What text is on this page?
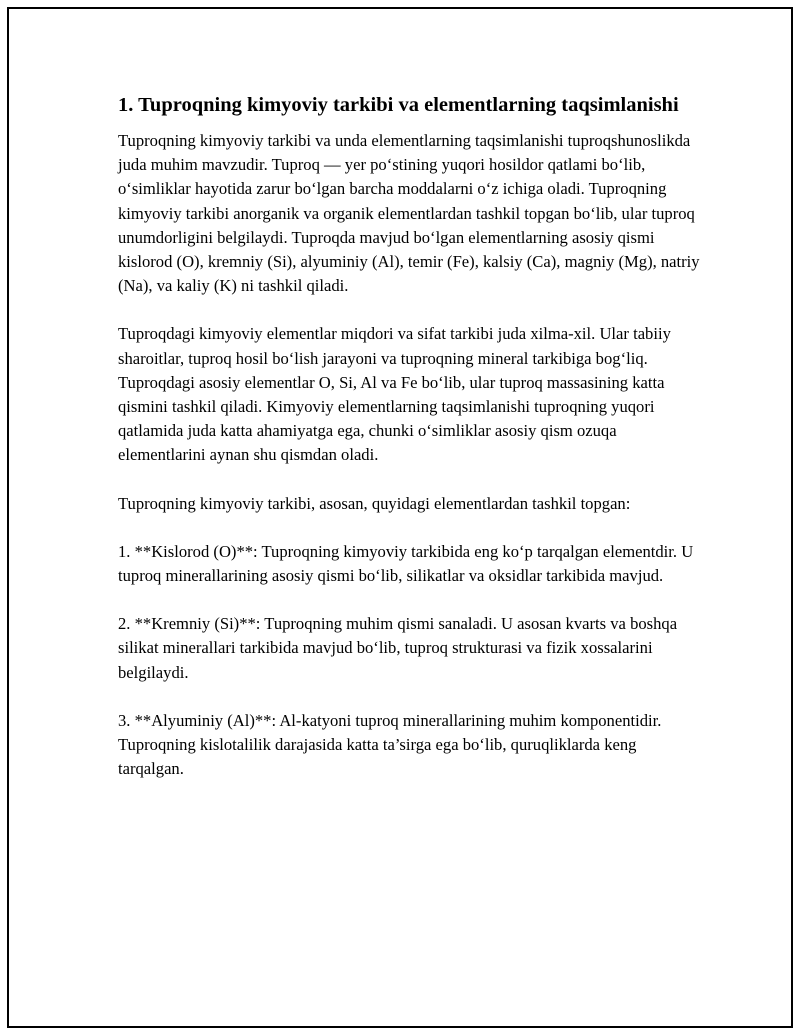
1. Tuproqning kimyoviy tarkibi va elementlarning taqsimlanishi

Tuproqning kimyoviy tarkibi va unda elementlarning taqsimlanishi tuproqshunoslikda juda muhim mavzudir. Tuproq — yer po‘stining yuqori hosildor qatlami bo‘lib, o‘simliklar hayotida zarur bo‘lgan barcha moddalarni o‘z ichiga oladi. Tuproqning kimyoviy tarkibi anorganik va organik elementlardan tashkil topgan bo‘lib, ular tuproq unumdorligini belgilaydi. Tuproqda mavjud bo‘lgan elementlarning asosiy qismi kislorod (O), kremniy (Si), alyuminiy (Al), temir (Fe), kalsiy (Ca), magniy (Mg), natriy (Na), va kaliy (K) ni tashkil qiladi.

Tuproqdagi kimyoviy elementlar miqdori va sifat tarkibi juda xilma-xil. Ular tabiiy sharoitlar, tuproq hosil bo‘lish jarayoni va tuproqning mineral tarkibiga bog‘liq. Tuproqdagi asosiy elementlar O, Si, Al va Fe bo‘lib, ular tuproq massasining katta qismini tashkil qiladi. Kimyoviy elementlarning taqsimlanishi tuproqning yuqori qatlamida juda katta ahamiyatga ega, chunki o‘simliklar asosiy qism ozuqa elementlarini aynan shu qismdan oladi.

Tuproqning kimyoviy tarkibi, asosan, quyidagi elementlardan tashkil topgan:

1. **Kislorod (O)**: Tuproqning kimyoviy tarkibida eng ko‘p tarqalgan elementdir. U tuproq minerallarining asosiy qismi bo‘lib, silikatlar va oksidlar tarkibida mavjud.

2. **Kremniy (Si)**: Tuproqning muhim qismi sanaladi. U asosan kvarts va boshqa silikat minerallari tarkibida mavjud bo‘lib, tuproq strukturasi va fizik xossalarini belgilaydi.

3. **Alyuminiy (Al)**: Al-katyoni tuproq minerallarining muhim komponentidir. Tuproqning kislotalilik darajasida katta ta’sirga ega bo‘lib, quruqliklarda keng tarqalgan.
